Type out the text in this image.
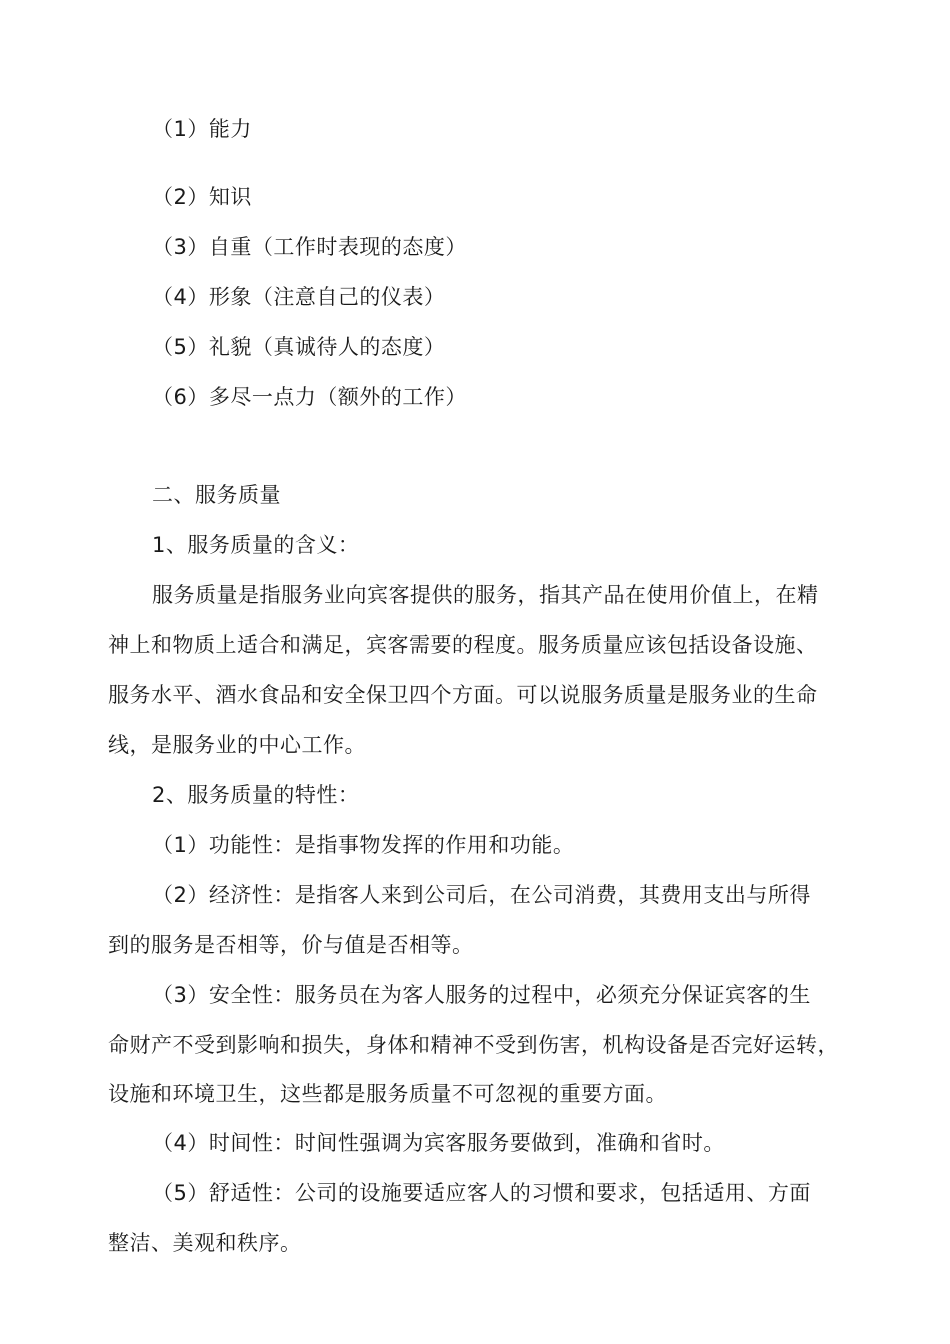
（1）能力
（2）知识
（3）自重（工作时表现的态度）
（4）形象（注意自己的仪表）
（5）礼貌（真诚待人的态度）
（6）多尽一点力（额外的工作）
二、服务质量
1、服务质量的含义：
服务质量是指服务业向宾客提供的服务，指其产品在使用价值上，在精
神上和物质上适合和满足，宾客需要的程度。服务质量应该包括设备设施、
服务水平、酒水食品和安全保卫四个方面。可以说服务质量是服务业的生命
线，是服务业的中心工作。
2、服务质量的特性：
（1）功能性：是指事物发挥的作用和功能。
（2）经济性：是指客人来到公司后，在公司消费，其费用支出与所得
到的服务是否相等，价与值是否相等。
（3）安全性：服务员在为客人服务的过程中，必须充分保证宾客的生
命财产不受到影响和损失，身体和精神不受到伤害，机构设备是否完好运转，
设施和环境卫生，这些都是服务质量不可忽视的重要方面。
（4）时间性：时间性强调为宾客服务要做到，准确和省时。
（5）舒适性：公司的设施要适应客人的习惯和要求，包括适用、方面
整洁、美观和秩序。
